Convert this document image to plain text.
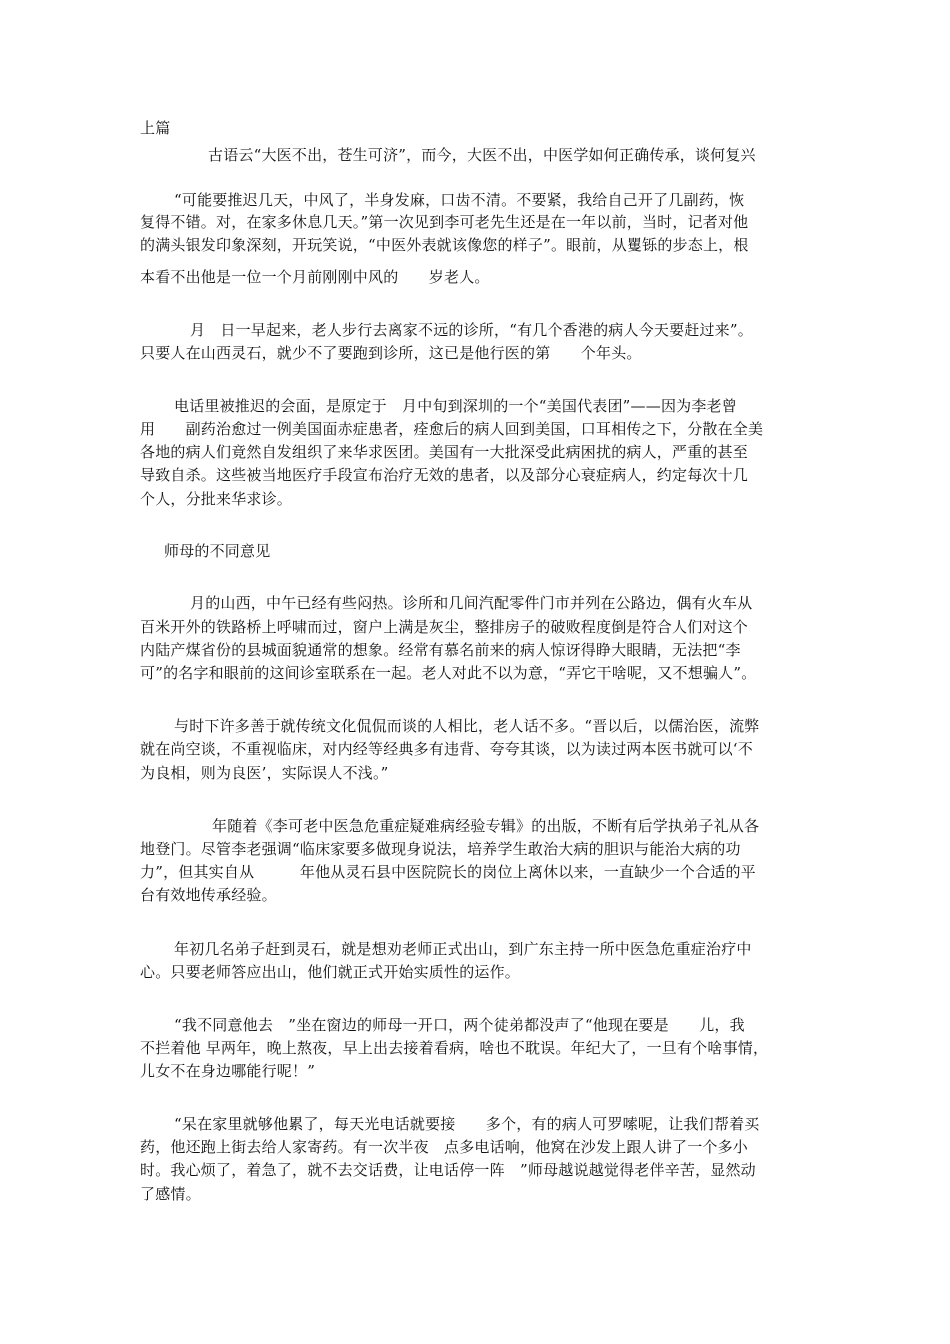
上篇
古语云“大医不出，苍生可济”，而今，大医不出，中医学如何正确传承，谈何复兴
“可能要推迟几天，中风了，半身发麻，口齿不清。不要紧，我给自己开了几副药，恢
复得不错。对，在家多休息几天。”第一次见到李可老先生还是在一年以前，当时，记者对他
的满头银发印象深刻，开玩笑说，“中医外表就该像您的样子”。眼前，从矍铄的步态上，根
本看不出他是一位一个月前刚刚中风的　　岁老人。
月　日一早起来，老人步行去离家不远的诊所，“有几个香港的病人今天要赶过来”。
只要人在山西灵石，就少不了要跑到诊所，这已是他行医的第　　个年头。
电话里被推迟的会面，是原定于　月中旬到深圳的一个“美国代表团”——因为李老曾
用　　副药治愈过一例美国面赤症患者，痊愈后的病人回到美国，口耳相传之下，分散在全美
各地的病人们竟然自发组织了来华求医团。美国有一大批深受此病困扰的病人，严重的甚至
导致自杀。这些被当地医疗手段宣布治疗无效的患者，以及部分心衰症病人，约定每次十几
个人，分批来华求诊。
师母的不同意见
月的山西，中午已经有些闷热。诊所和几间汽配零件门市并列在公路边，偶有火车从
百米开外的铁路桥上呼啸而过，窗户上满是灰尘，整排房子的破败程度倒是符合人们对这个
内陆产煤省份的县城面貌通常的想象。经常有慕名前来的病人惊讶得睁大眼睛，无法把“李
可”的名字和眼前的这间诊室联系在一起。老人对此不以为意，“弄它干啥呢，又不想骗人”。
与时下许多善于就传统文化侃侃而谈的人相比，老人话不多。“晋以后，以儒治医，流弊
就在尚空谈，不重视临床，对内经等经典多有违背、夸夸其谈，以为读过两本医书就可以‘不
为良相，则为良医’，实际误人不浅。”
年随着《李可老中医急危重症疑难病经验专辑》的出版，不断有后学执弟子礼从各
地登门。尽管李老强调“临床家要多做现身说法，培养学生敢治大病的胆识与能治大病的功
力”，但其实自从　　　年他从灵石县中医院院长的岗位上离休以来，一直缺少一个合适的平
台有效地传承经验。
年初几名弟子赶到灵石，就是想劝老师正式出山，到广东主持一所中医急危重症治疗中
心。只要老师答应出山，他们就正式开始实质性的运作。
“我不同意他去　”坐在窗边的师母一开口，两个徒弟都没声了“他现在要是　　儿，我
不拦着他 早两年，晚上熬夜，早上出去接着看病，啥也不耽误。年纪大了，一旦有个啥事情，
儿女不在身边哪能行呢！”
“呆在家里就够他累了，每天光电话就要接　　多个，有的病人可罗嗦呢，让我们帮着买
药，他还跑上街去给人家寄药。有一次半夜　点多电话响，他窝在沙发上跟人讲了一个多小
时。我心烦了，着急了，就不去交话费，让电话停一阵　”师母越说越觉得老伴辛苦，显然动
了感情。
